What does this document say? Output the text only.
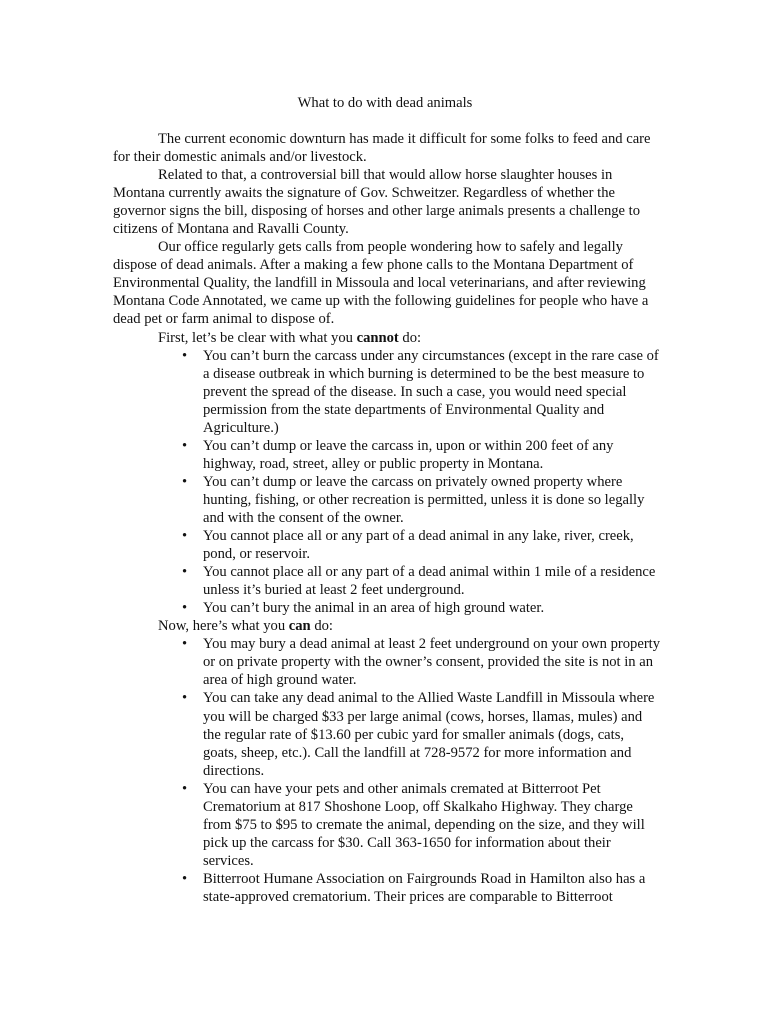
What to do with dead animals

The current economic downturn has made it difficult for some folks to feed and care for their domestic animals and/or livestock.

Related to that, a controversial bill that would allow horse slaughter houses in Montana currently awaits the signature of Gov. Schweitzer. Regardless of whether the governor signs the bill, disposing of horses and other large animals presents a challenge to citizens of Montana and Ravalli County.

Our office regularly gets calls from people wondering how to safely and legally dispose of dead animals. After a making a few phone calls to the Montana Department of Environmental Quality, the landfill in Missoula and local veterinarians, and after reviewing Montana Code Annotated, we came up with the following guidelines for people who have a dead pet or farm animal to dispose of.

First, let’s be clear with what you cannot do:

• You can’t burn the carcass under any circumstances (except in the rare case of a disease outbreak in which burning is determined to be the best measure to prevent the spread of the disease. In such a case, you would need special permission from the state departments of Environmental Quality and Agriculture.)
• You can’t dump or leave the carcass in, upon or within 200 feet of any highway, road, street, alley or public property in Montana.
• You can’t dump or leave the carcass on privately owned property where hunting, fishing, or other recreation is permitted, unless it is done so legally and with the consent of the owner.
• You cannot place all or any part of a dead animal in any lake, river, creek, pond, or reservoir.
• You cannot place all or any part of a dead animal within 1 mile of a residence unless it’s buried at least 2 feet underground.
• You can’t bury the animal in an area of high ground water.

Now, here’s what you can do:

• You may bury a dead animal at least 2 feet underground on your own property or on private property with the owner’s consent, provided the site is not in an area of high ground water.
• You can take any dead animal to the Allied Waste Landfill in Missoula where you will be charged $33 per large animal (cows, horses, llamas, mules) and the regular rate of $13.60 per cubic yard for smaller animals (dogs, cats, goats, sheep, etc.). Call the landfill at 728-9572 for more information and directions.
• You can have your pets and other animals cremated at Bitterroot Pet Crematorium at 817 Shoshone Loop, off Skalkaho Highway. They charge from $75 to $95 to cremate the animal, depending on the size, and they will pick up the carcass for $30. Call 363-1650 for information about their services.
• Bitterroot Humane Association on Fairgrounds Road in Hamilton also has a state-approved crematorium. Their prices are comparable to Bitterroot
